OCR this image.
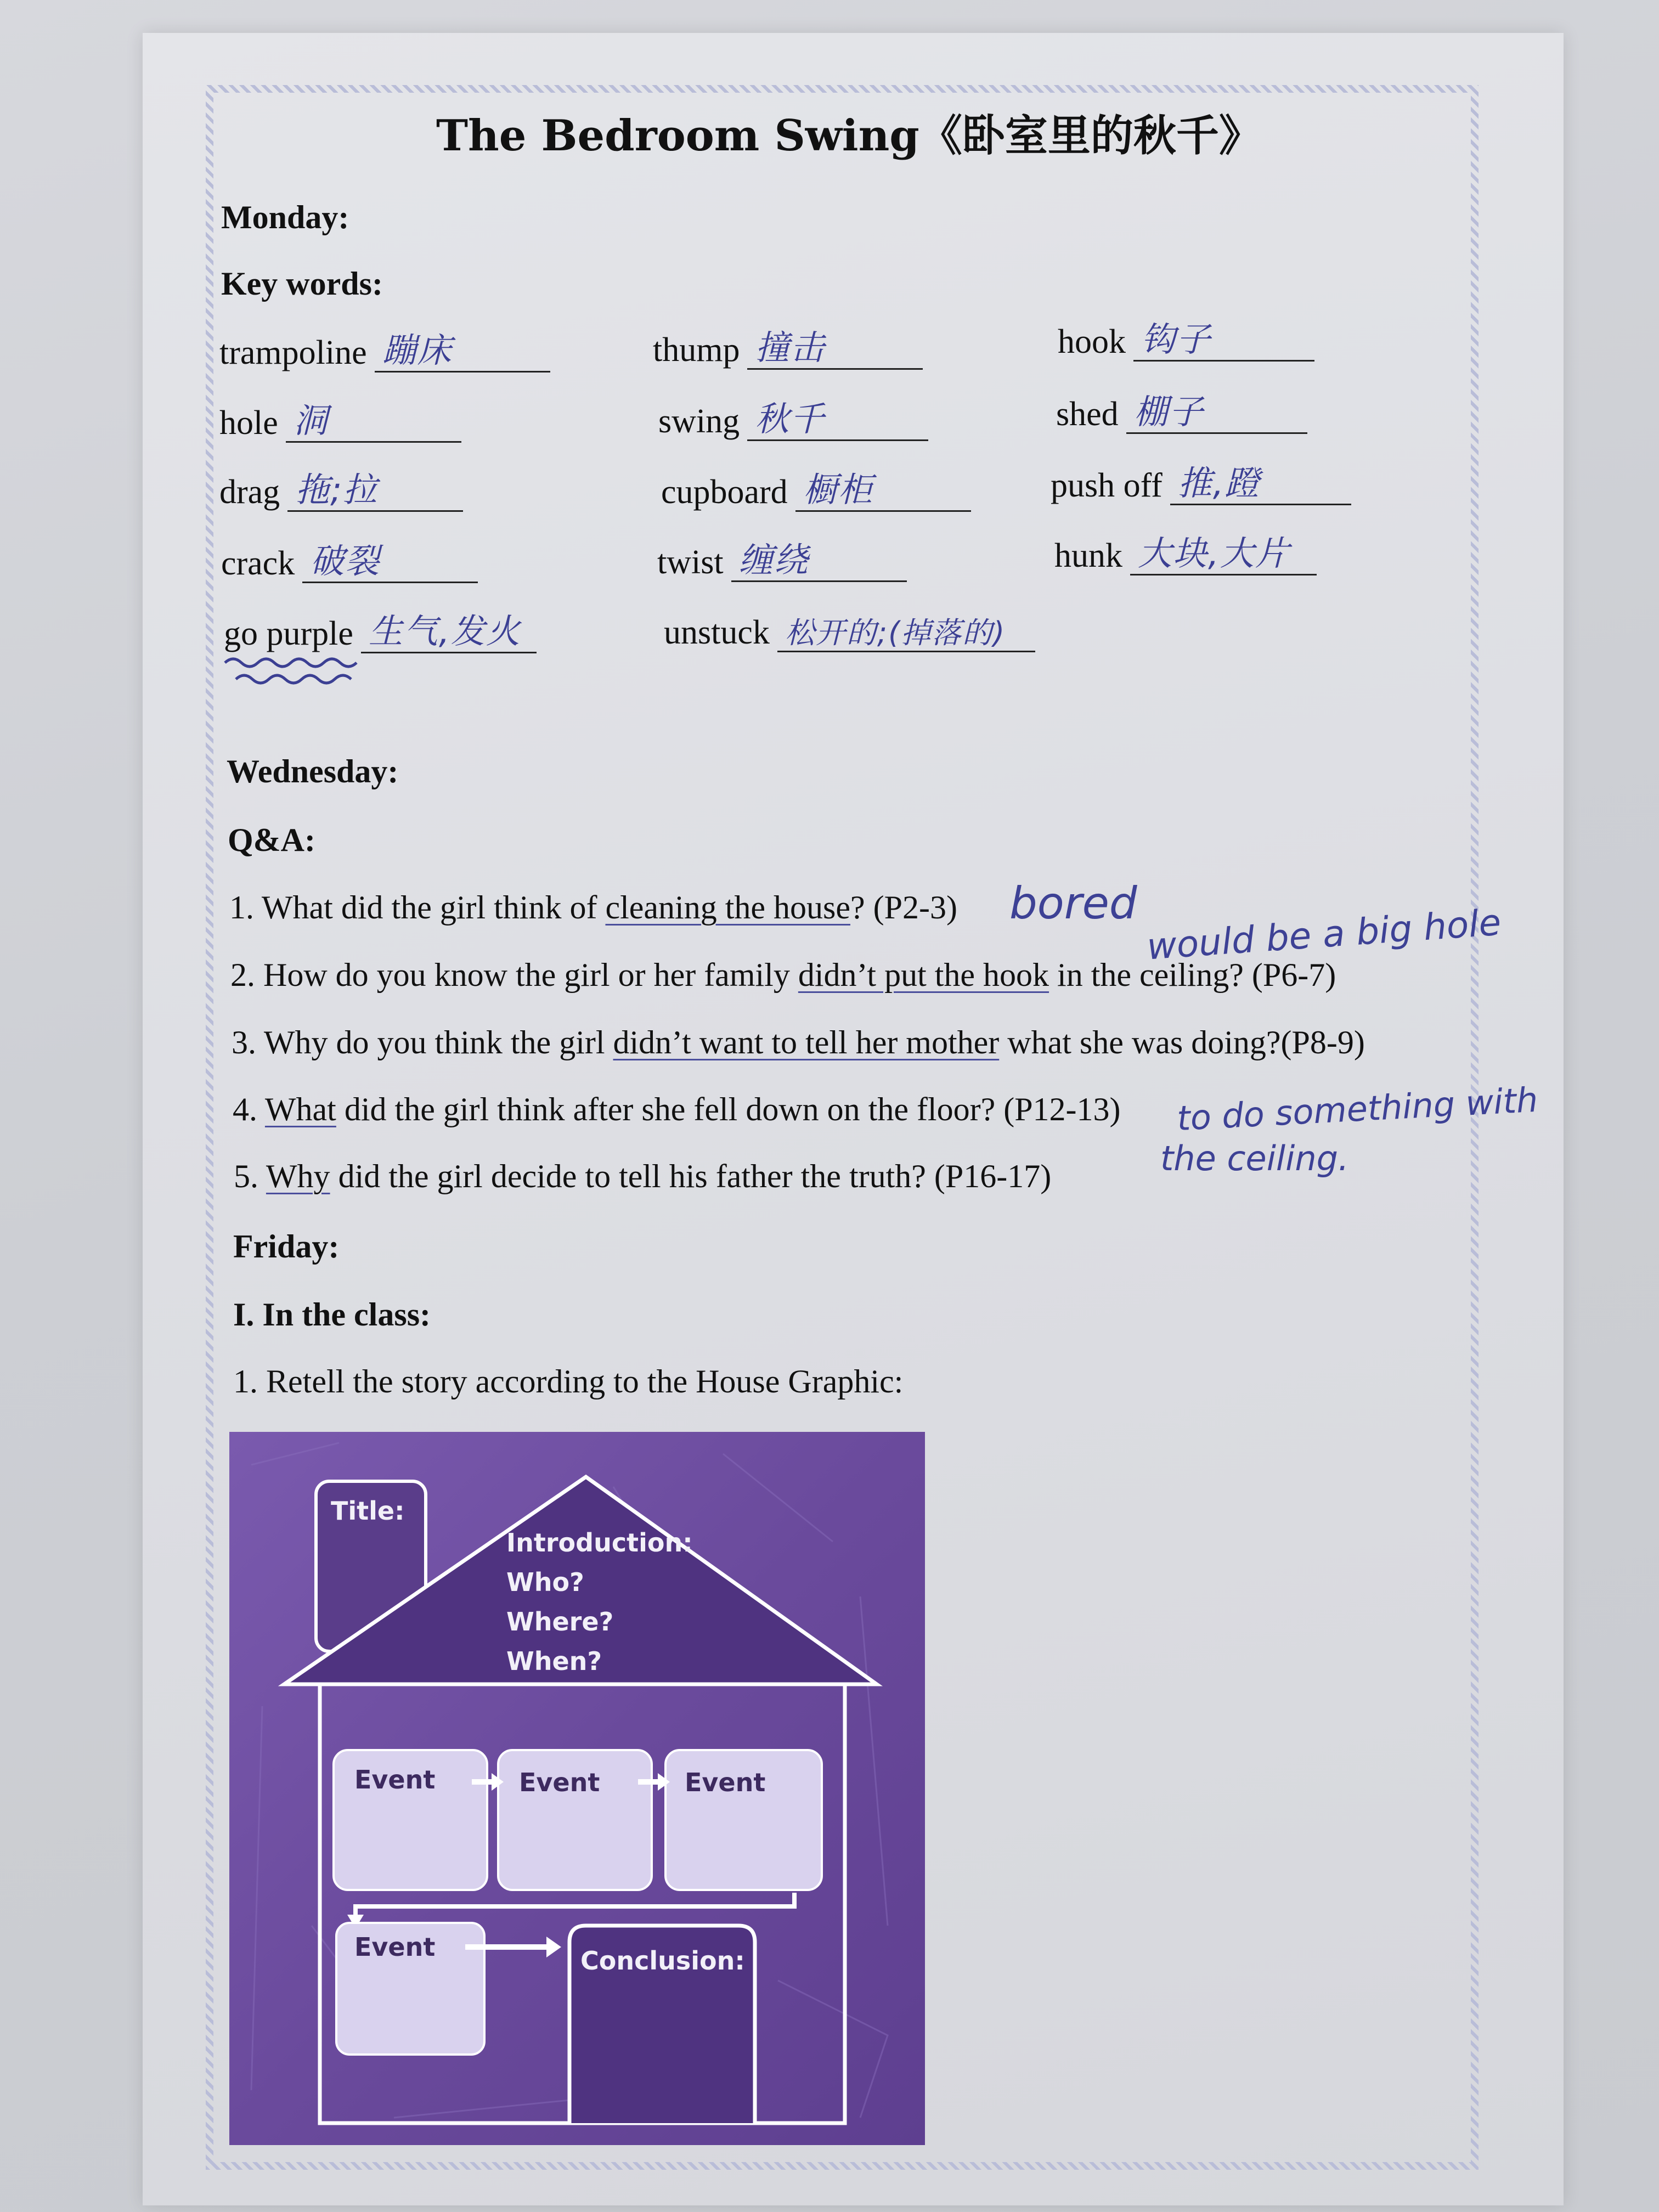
The Bedroom Swing《卧室里的秋千》
Monday:
Key words:
trampoline 蹦床	thump 撞击	hook 钩子
hole 洞	swing 秋千	shed 棚子
drag 拖;拉	cupboard 橱柜	push off 推,蹬
crack 破裂	twist 缠绕	hunk 大块,大片
go purple 生气,发火	unstuck 松开的;(掉落的)
Wednesday:
Q&A:
1. What did the girl think of cleaning the house? (P2-3)
2. How do you know the girl or her family didn’t put the hook in the ceiling? (P6-7)
3. Why do you think the girl didn’t want to tell her mother what she was doing?(P8-9)
4. What did the girl think after she fell down on the floor? (P12-13)
5. Why did the girl decide to tell his father the truth? (P16-17)
bored would be a big hole
to do something with
the ceiling.
Friday:
I. In the class:
1. Retell the story according to the House Graphic:
Title:
Introduction:
Who?
Where?
When?
Event	Event	Event
Event	Conclusion:
